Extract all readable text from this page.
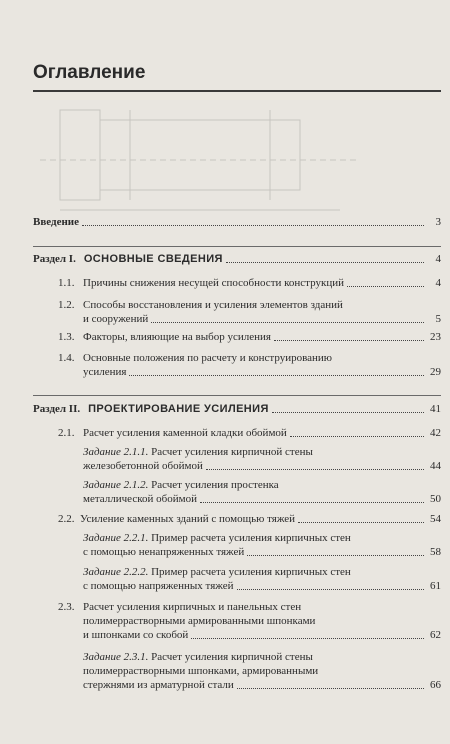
Оглавление
Введение	3
Раздел I. ОСНОВНЫЕ СВЕДЕНИЯ	4
1.1. Причины снижения несущей способности конструкций	4
1.2. Способы восстановления и усиления элементов зданий
и сооружений	5
1.3. Факторы, влияющие на выбор усиления	23
1.4. Основные положения по расчету и конструированию
усиления	29
Раздел II. ПРОЕКТИРОВАНИЕ УСИЛЕНИЯ	41
2.1. Расчет усиления каменной кладки обоймой	42
Задание 2.1.1. Расчет усиления кирпичной стены
железобетонной обоймой	44
Задание 2.1.2. Расчет усиления простенка
металлической обоймой	50
2.2. Усиление каменных зданий с помощью тяжей	54
Задание 2.2.1. Пример расчета усиления кирпичных стен
с помощью ненапряженных тяжей	58
Задание 2.2.2. Пример расчета усиления кирпичных стен
с помощью напряженных тяжей	61
2.3. Расчет усиления кирпичных и панельных стен
полимеррастворными армированными шпонками
и шпонками со скобой	62
Задание 2.3.1. Расчет усиления кирпичной стены
полимеррастворными шпонками, армированными
стержнями из арматурной стали	66
